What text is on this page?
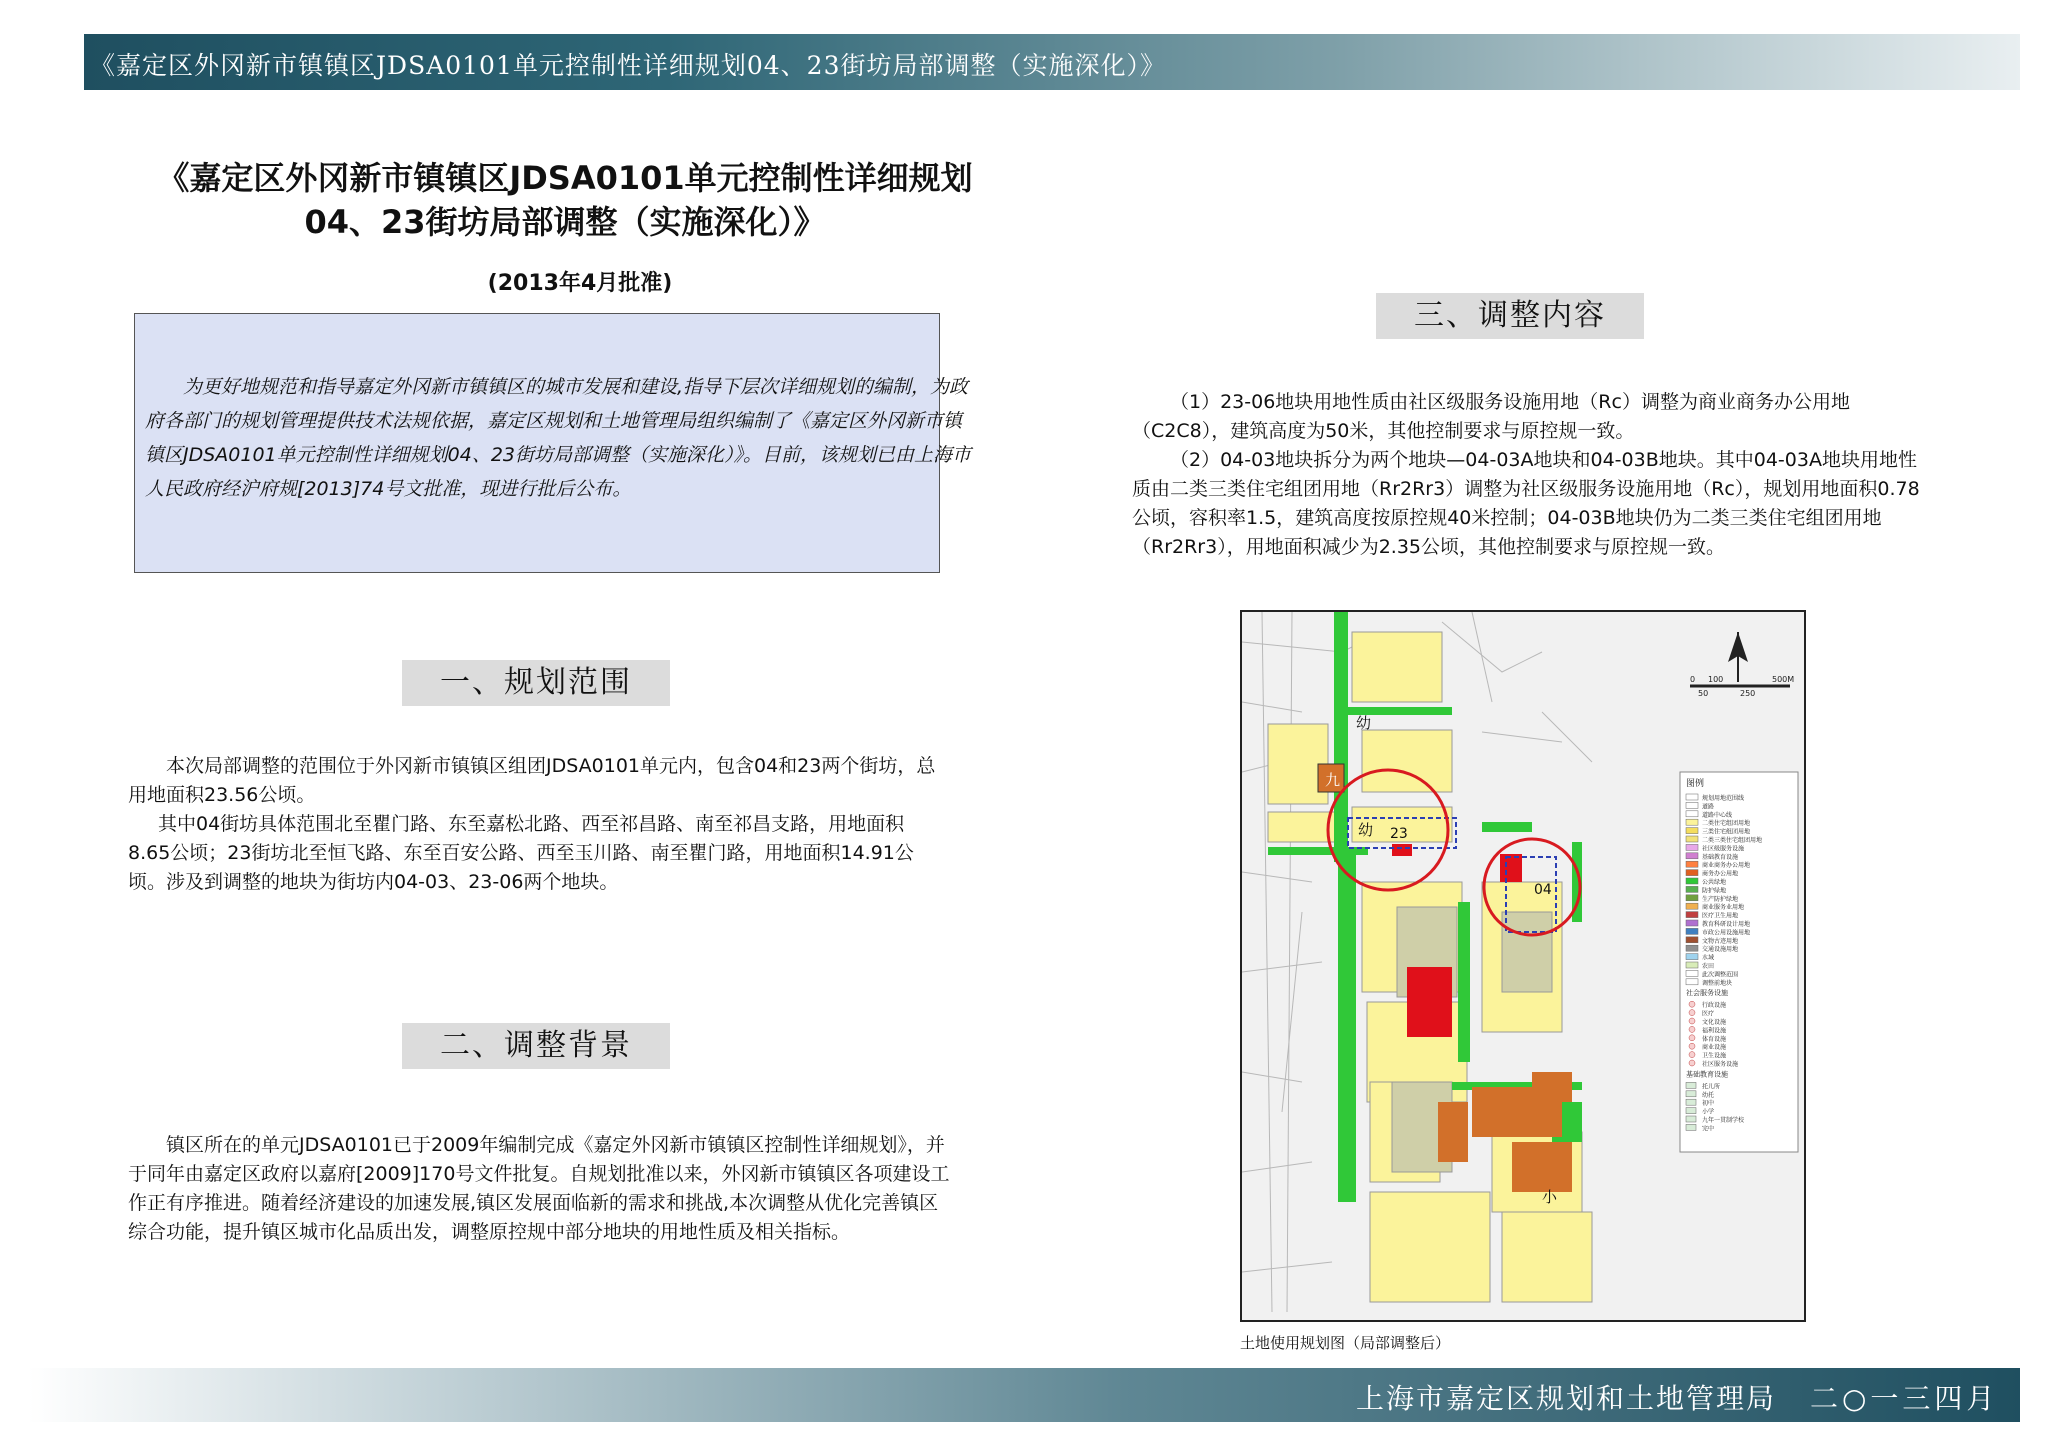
《嘉定区外冈新市镇镇区JDSA0101单元控制性详细规划04、23街坊局部调整（实施深化）》
《嘉定区外冈新市镇镇区JDSA0101单元控制性详细规划
04、23街坊局部调整（实施深化）》
(2013年4月批准)

为更好地规范和指导嘉定外冈新市镇镇区的城市发展和建设,指导下层次详细规划的编制，为政府各部门的规划管理提供技术法规依据，嘉定区规划和土地管理局组织编制了《嘉定区外冈新市镇镇区JDSA0101单元控制性详细规划04、23街坊局部调整（实施深化）》。目前，该规划已由上海市人民政府经沪府规[2013]74号文批准，现进行批后公布。

一、规划范围

本次局部调整的范围位于外冈新市镇镇区组团JDSA0101单元内，包含04和23两个街坊，总用地面积23.56公顷。

其中04街坊具体范围北至瞿门路、东至嘉松北路、西至祁昌路、南至祁昌支路，用地面积8.65公顷；23街坊北至恒飞路、东至百安公路、西至玉川路、南至瞿门路，用地面积14.91公顷。涉及到调整的地块为街坊内04-03、23-06两个地块。

二、调整背景

镇区所在的单元JDSA0101已于2009年编制完成《嘉定外冈新市镇镇区控制性详细规划》，并于同年由嘉定区政府以嘉府[2009]170号文件批复。自规划批准以来，外冈新市镇镇区各项建设工作正有序推进。随着经济建设的加速发展,镇区发展面临新的需求和挑战,本次调整从优化完善镇区综合功能，提升镇区城市化品质出发，调整原控规中部分地块的用地性质及相关指标。

三、调整内容

（1）23-06地块用地性质由社区级服务设施用地（Rc）调整为商业商务办公用地（C2C8），建筑高度为50米，其他控制要求与原控规一致。

（2）04-03地块拆分为两个地块—04-03A地块和04-03B地块。其中04-03A地块用地性质由二类三类住宅组团用地（Rr2Rr3）调整为社区级服务设施用地（Rc），规划用地面积0.78公顷，容积率1.5，建筑高度按原控规40米控制；04-03B地块仍为二类三类住宅组团用地（Rr2Rr3），用地面积减少为2.35公顷，其他控制要求与原控规一致。

九
幼
幼
小
23
04
0 100	500M
50	250
图例
规划用地范围线
道路
道路中心线
二类住宅组团用地
三类住宅组团用地
二类三类住宅组团用地
社区级服务设施
基础教育设施
商业商务办公用地
商务办公用地
公共绿地
防护绿地
生产防护绿地
商业服务业用地
医疗卫生用地
教育科研设计用地
市政公用设施用地
文物古迹用地
交通设施用地
水域
农田
此次调整范围
调整前地块
社会服务设施
行政设施
医疗
文化设施
福利设施
体育设施
商业设施
卫生设施
社区服务设施
基础教育设施
托儿所
幼托
初中
小学
九年一贯制学校
完中
土地使用规划图（局部调整后）
上海市嘉定区规划和土地管理局 二○一三四月
